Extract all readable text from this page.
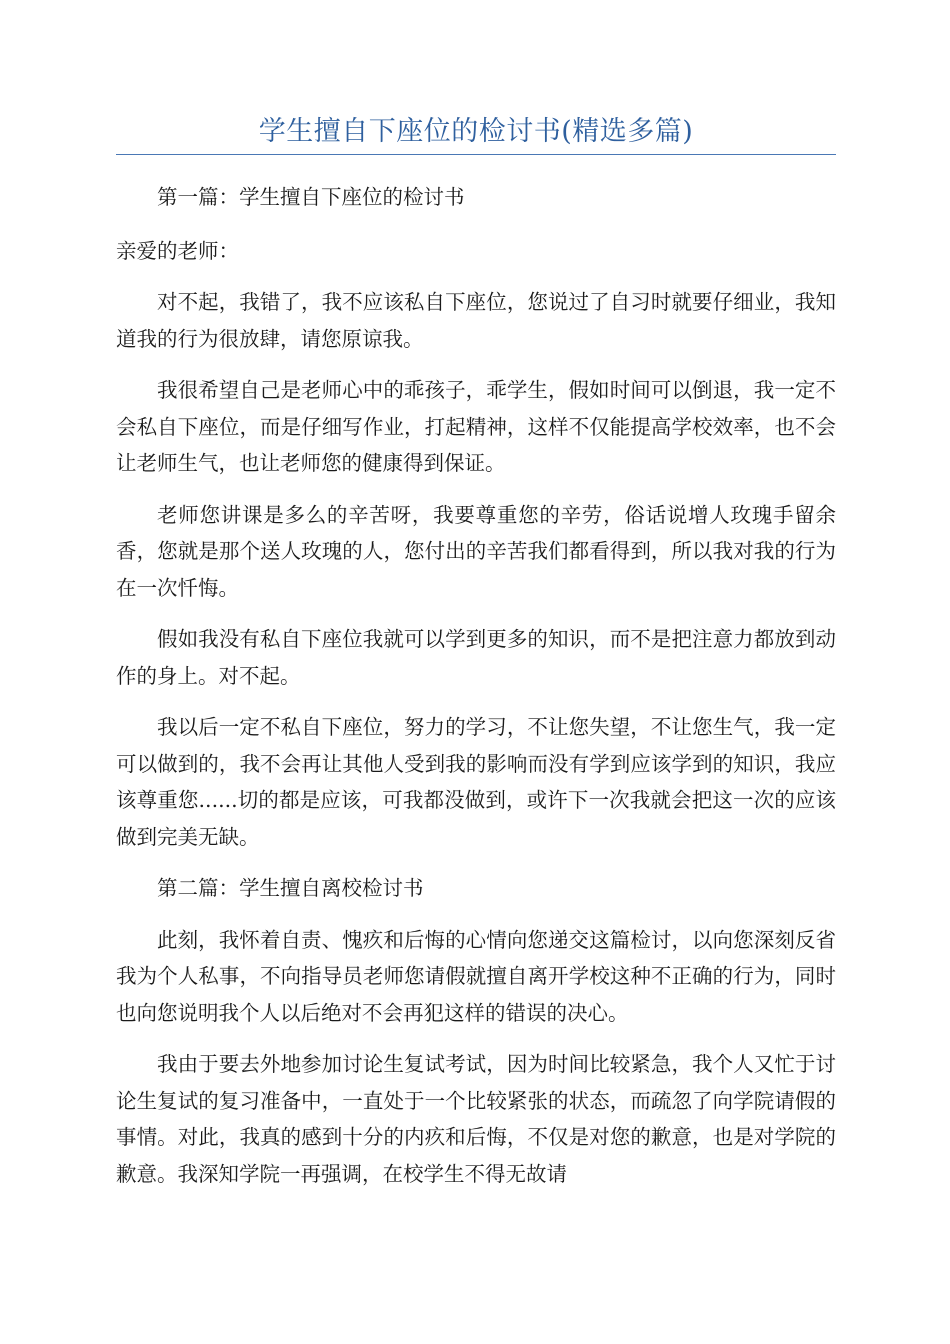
学生擅自下座位的检讨书(精选多篇)

第一篇：学生擅自下座位的检讨书

亲爱的老师：

对不起，我错了，我不应该私自下座位，您说过了自习时就要仔细业，我知道我的行为很放肆，请您原谅我。

我很希望自己是老师心中的乖孩子，乖学生，假如时间可以倒退，我一定不会私自下座位，而是仔细写作业，打起精神，这样不仅能提高学校效率，也不会让老师生气，也让老师您的健康得到保证。

老师您讲课是多么的辛苦呀，我要尊重您的辛劳，俗话说增人玫瑰手留余香，您就是那个送人玫瑰的人，您付出的辛苦我们都看得到，所以我对我的行为在一次忏悔。

假如我没有私自下座位我就可以学到更多的知识，而不是把注意力都放到动作的身上。对不起。

我以后一定不私自下座位，努力的学习，不让您失望，不让您生气，我一定可以做到的，我不会再让其他人受到我的影响而没有学到应该学到的知识，我应该尊重您......切的都是应该，可我都没做到，或许下一次我就会把这一次的应该做到完美无缺。

第二篇：学生擅自离校检讨书

此刻，我怀着自责、愧疚和后悔的心情向您递交这篇检讨，以向您深刻反省我为个人私事，不向指导员老师您请假就擅自离开学校这种不正确的行为，同时也向您说明我个人以后绝对不会再犯这样的错误的决心。

我由于要去外地参加讨论生复试考试，因为时间比较紧急，我个人又忙于讨论生复试的复习准备中，一直处于一个比较紧张的状态，而疏忽了向学院请假的事情。对此，我真的感到十分的内疚和后悔，不仅是对您的歉意，也是对学院的歉意。我深知学院一再强调，在校学生不得无故请
